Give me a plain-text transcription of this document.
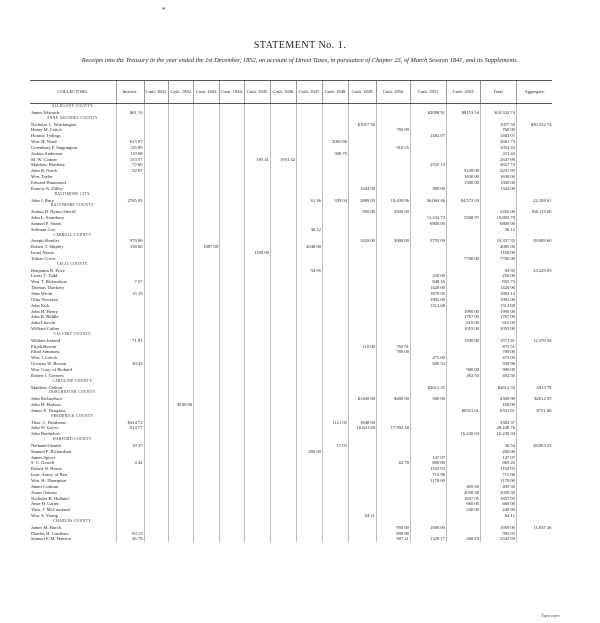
*
STATEMENT No. 1.
Receipts into the Treasury in the year ended the 1st December, 1852, on account of Direct Taxes, in pursuance of Chapter 23, of March Session 1841, and its Supplements.
COLLECTORS.	Interest.	Cash. 1841.	Cash. 1842.	Cash. 1843.	Cash. 1844.	Cash. 1845.	Cash. 1846.	Cash. 1847.	Cash. 1848.	Cash. 1849.	Cash. 1850.	Cash. 1851.	Cash. 1852.	Total.	Aggregate.
ALLEGANY COUNTY.															
James Edwards	$61 19											$2098 91	$8153 54	$10,332 74	
ANNE ARUNDEL COUNTY.															
Nicholas L. Worthington										$1057 50				1057 50	$10,332 74
Henry M. Leitch											760 00			760 00	
Horatio Tydings												1482 07		1482 07	
Wm. H. Ward	615 87								2065 86					2681 73	
Greenbury F. Sappington	135 89										918 55			1054 43	
Joshua Anderson	110 68								300 75					411 43	
M. W. Conner	133 57					185 41	1931 32							2547 99	
Matthew Hardesty	72 60											2555 14		2627 74	
John B. Nirob	52 87												5239 08	5291 95	
Wm. Tayler													1630 00	1630 00	
Edward Hammond													1300 00	1300 00	
Francis N. Dilley										1044 00		300 00		1344 00	
BALTIMORE CITY.															
John J. Bury	2765 92							61 36	339 04	2889 03	19,439 96	56,064 46	84,572 93		22,188 61
BALTIMORE COUNTY.															
Joshua H. Hynes Sheriff										950 00	4500 00			5450 00	166,113 60
John L. Stansbury												11,234 73	5568 97	16,803 70	
Samuel P. Storm												6800 00		6800 00	
Sollman Cox								36 12						36 12	
CARROLL COUNTY.															
Joseph Shreiler	979 06									1429 00	3000 00	5755 09		10,357 35	29,089 60
Robert T. Shipley	158 00			1887 00				2040 00						4085 00	
Israel Norris						1100 00								1100 00	
Tobias Cover													7700 00	7700 00	
CECIL COUNTY.															
Benjamin R. Price								94 95						94 95	23,229 05
Lewis T. Todd												250 00		250 00	
Wm. T. Richardson	7 57											848 16		855 73	
Thomas Thackery												1420 00		1420 00	
John Wroth	15 19											1878 95		1894 14	
Otho Newland												1992 00		1992 00	
John Kirk												1312 68		1312 68	
John H. Henry													1990 00	1990 00	
John R. Biddle													1767 00	1767 00	
John Lincoln													616 00	616 00	
William Cather													1053 00	1053 00	
CALVERT COUNTY.															
William Ireland	71 81												1500 00	1571 81	12,370 56
Elijah Bowen										110 00	765 51			875 51	
Elind Simmons											789 00			789 00	
Wm. J. Leitch												475 00		475 00	
Octavus W. Bowen	30 43											909 53		939 96	
Wm. Gray, of Richard													900 00	900 00	
Robert J. Greaves													492 50	492 50	
CAROLINE COUNTY.															
Matthew Chilton												$2612 35		$2612 35	5913 78
DORCHESTER COUNTY.															
John Richardson										$1400 00	$400 00	500 00		2300 00	$2612 35
John H. Hodson			$100 00											100 00	
James E. Douglass													$6331 61	6331 61	8731 60
FREDERICK COUNTY.															
Thos. C. Brashears	$414 72								1121 05	1848 00				3384 37	
John W. Geyer	614 77									10,641 60	17,992 39			29,248 76	
John Barthelow													16,230 04	16,230 04	
HARFORD COUNTY.															
Nathaniel Smith	19 37								17 03					36 54	48,863 33
Samuel F. Richardson								200 00						200 00	
James Spicer												147 07		147 07	
S. C. Gerrell	4 42										64 78	800 00		869 20	
Robert N. Horne												1102 03		1102 03	
Isaac Amos, of Ben												715 96		715 96	
Wm. H. Thompson												1170 00		1170 00	
James Corkran													495 50	495 50	
Amos Osborn													2030 30	2030 30	
Nicholas B. Holland													1837 05	1837 05	
Jesse H. Carter													660 00	660 00	
Thos. J. McCausland													240 00	240 00	
Wm. S. Young										64 11				64 11	
CHARLES COUNTY.															
James M. Burch											950 00	1000 00		1950 00	11,037 26
Charles H. Gardiner	93 13										899 80			992 93	
Samuel F. M. Hanson	46 78										907 21	1329 17	260 23	2543 39	
Turn over.
